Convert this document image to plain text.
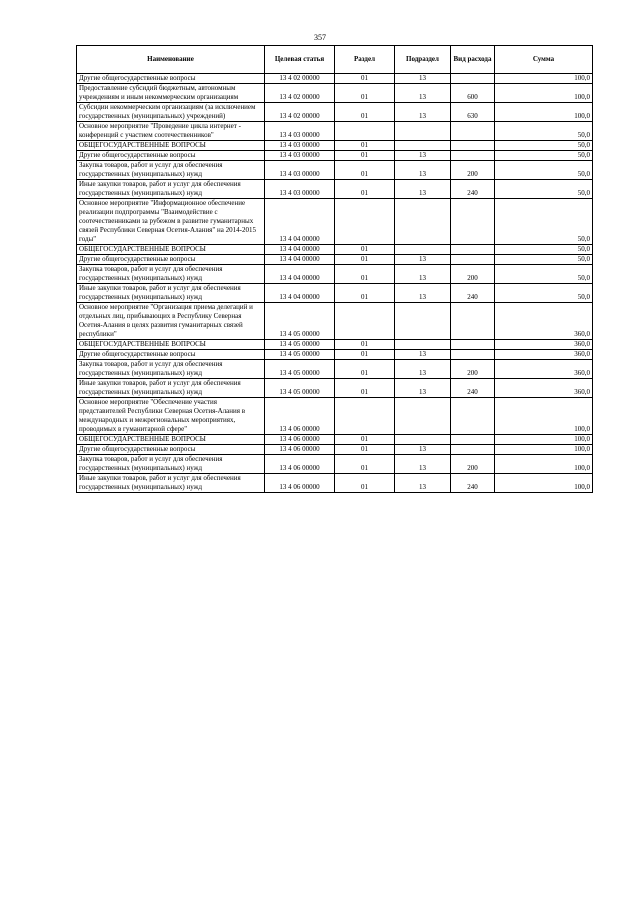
357
Наименование	Целевая статья	Раздел	Подраздел	Вид расхода	Сумма
Другие общегосударственные вопросы	13 4 02 00000	01	13		100,0
Предоставление субсидий бюджетным, автономным учреждениям и иным некоммерческим организациям	13 4 02 00000	01	13	600	100,0
Субсидии некоммерческим организациям (за исключением государственных (муниципальных) учреждений)	13 4 02 00000	01	13	630	100,0
Основное мероприятие "Проведение цикла интернет - конференций с участием соотечественников"	13 4 03 00000				50,0
ОБЩЕГОСУДАРСТВЕННЫЕ ВОПРОСЫ	13 4 03 00000	01			50,0
Другие общегосударственные вопросы	13 4 03 00000	01	13		50,0
Закупка товаров, работ и услуг для обеспечения государственных (муниципальных) нужд	13 4 03 00000	01	13	200	50,0
Иные закупки товаров, работ и услуг для обеспечения государственных (муниципальных) нужд	13 4 03 00000	01	13	240	50,0
Основное мероприятие "Информационное обеспечение реализации подпрограммы "Взаимодействие с соотечественниками за рубежом в развитие гуманитарных связей Республики Северная Осетия-Алания" на 2014-2015 годы"	13 4 04 00000				50,0
ОБЩЕГОСУДАРСТВЕННЫЕ ВОПРОСЫ	13 4 04 00000	01			50,0
Другие общегосударственные вопросы	13 4 04 00000	01	13		50,0
Закупка товаров, работ и услуг для обеспечения государственных (муниципальных) нужд	13 4 04 00000	01	13	200	50,0
Иные закупки товаров, работ и услуг для обеспечения государственных (муниципальных) нужд	13 4 04 00000	01	13	240	50,0
Основное мероприятие "Организация приема делегаций и отдельных лиц, прибывающих в Республику Северная Осетия-Алания в целях развития гуманитарных связей республики"	13 4 05 00000				360,0
ОБЩЕГОСУДАРСТВЕННЫЕ ВОПРОСЫ	13 4 05 00000	01			360,0
Другие общегосударственные вопросы	13 4 05 00000	01	13		360,0
Закупка товаров, работ и услуг для обеспечения государственных (муниципальных) нужд	13 4 05 00000	01	13	200	360,0
Иные закупки товаров, работ и услуг для обеспечения государственных (муниципальных) нужд	13 4 05 00000	01	13	240	360,0
Основное мероприятие "Обеспечение участия представителей Республики Северная Осетия-Алания в международных и межрегиональных мероприятиях, проводимых в гуманитарной сфере"	13 4 06 00000				100,0
ОБЩЕГОСУДАРСТВЕННЫЕ ВОПРОСЫ	13 4 06 00000	01			100,0
Другие общегосударственные вопросы	13 4 06 00000	01	13		100,0
Закупка товаров, работ и услуг для обеспечения государственных (муниципальных) нужд	13 4 06 00000	01	13	200	100,0
Иные закупки товаров, работ и услуг для обеспечения государственных (муниципальных) нужд	13 4 06 00000	01	13	240	100,0
